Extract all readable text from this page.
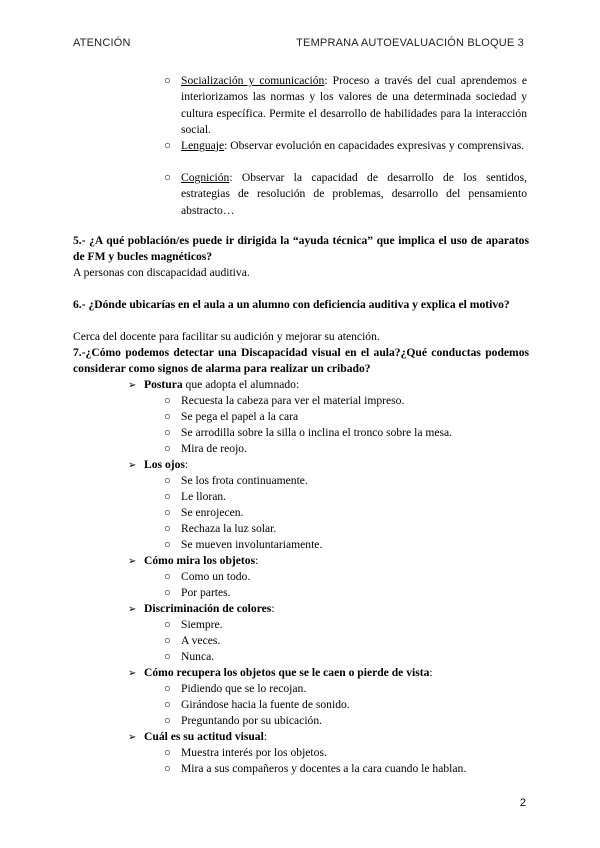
ATENCIÓN	TEMPRANA AUTOEVALUACIÓN BLOQUE 3
○ Socialización y comunicación: Proceso a través del cual aprendemos e interiorizamos las normas y los valores de una determinada sociedad y cultura específica. Permite el desarrollo de habilidades para la interacción social.
○ Lenguaje: Observar evolución en capacidades expresivas y comprensivas.
○ Cognición: Observar la capacidad de desarrollo de los sentidos, estrategias de resolución de problemas, desarrollo del pensamiento abstracto…
5.- ¿A qué población/es puede ir dirigida la “ayuda técnica” que implica el uso de aparatos de FM y bucles magnéticos?
A personas con discapacidad auditiva.
6.- ¿Dónde ubicarías en el aula a un alumno con deficiencia auditiva y explica el motivo?
Cerca del docente para facilitar su audición y mejorar su atención.
7.-¿Cómo podemos detectar una Discapacidad visual en el aula?¿Qué conductas podemos considerar como signos de alarma para realizar un cribado?
➢ Postura que adopta el alumnado:
○ Recuesta la cabeza para ver el material impreso.
○ Se pega el papel a la cara
○ Se arrodilla sobre la silla o inclina el tronco sobre la mesa.
○ Mira de reojo.
➢ Los ojos:
○ Se los frota continuamente.
○ Le lloran.
○ Se enrojecen.
○ Rechaza la luz solar.
○ Se mueven involuntariamente.
➢ Cómo mira los objetos:
○ Como un todo.
○ Por partes.
➢ Discriminación de colores:
○ Siempre.
○ A veces.
○ Nunca.
➢ Cómo recupera los objetos que se le caen o pierde de vista:
○ Pidiendo que se lo recojan.
○ Girándose hacia la fuente de sonido.
○ Preguntando por su ubicación.
➢ Cuál es su actitud visual:
○ Muestra interés por los objetos.
○ Mira a sus compañeros y docentes a la cara cuando le hablan.
2
